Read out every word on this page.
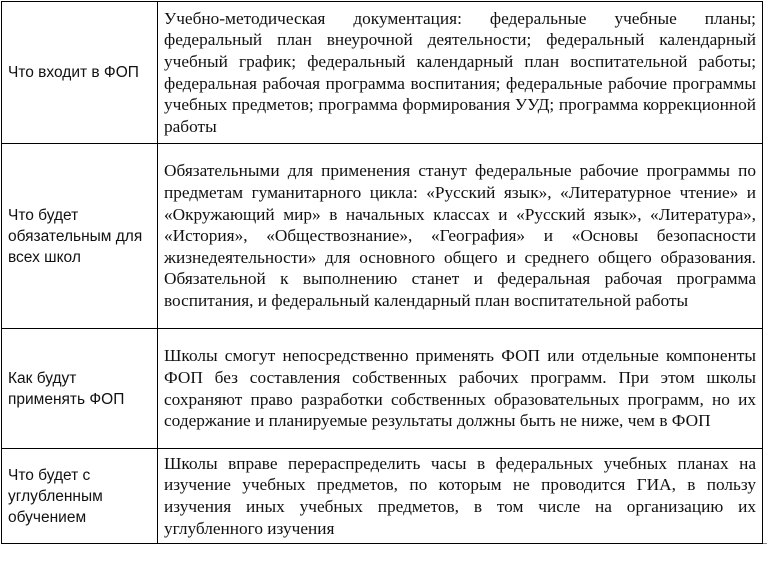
Что входит в ФОП	Учебно-методическая документация: федеральные учебные планы; федеральный план внеурочной деятельности; федеральный календарный учебный график; федеральный календарный план воспитательной работы; федеральная рабочая программа воспитания; федеральные рабочие программы учебных предметов; программа формирования УУД; программа коррекционной работы
Что будет обязательным для всех школ	Обязательными для применения станут федеральные рабочие программы по предметам гуманитарного цикла: «Русский язык», «Литературное чтение» и «Окружающий мир» в начальных классах и «Русский язык», «Литература», «История», «Обществознание», «География» и «Основы безопасности жизнедеятельности» для основного общего и среднего общего образования. Обязательной к выполнению станет и федеральная рабочая программа воспитания, и федеральный календарный план воспитательной работы
Как будут применять ФОП	Школы смогут непосредственно применять ФОП или отдельные компоненты ФОП без составления собственных рабочих программ. При этом школы сохраняют право разработки собственных образовательных программ, но их содержание и планируемые результаты должны быть не ниже, чем в ФОП
Что будет с углубленным обучением	Школы вправе перераспределить часы в федеральных учебных планах на изучение учебных предметов, по которым не проводится ГИА, в пользу изучения иных учебных предметов, в том числе на организацию их углубленного изучения
